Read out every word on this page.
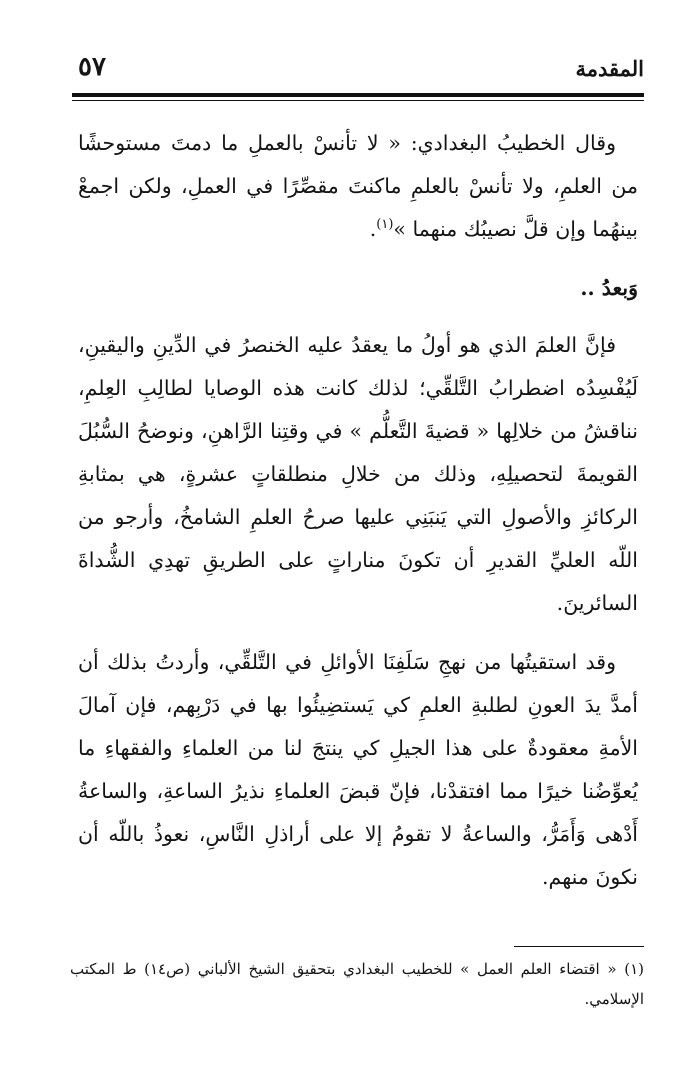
٥٧	المقدمة

وقال الخطيبُ البغدادي: « لا تأنسْ بالعملِ ما دمتَ مستوحشًا من العلمِ، ولا تأنسْ بالعلمِ ماكنتَ مقصِّرًا في العملِ، ولكن اجمعْ بينهُما وإن قلَّ نصيبُك منهما »$^{(١)}$.

وَبعدُ ..

فإنَّ العلمَ الذي هو أولُ ما يعقدُ عليه الخنصرُ في الدِّينِ واليقينِ، لَيُفْسِدُه اضطرابُ التَّلقِّي؛ لذلك كانت هذه الوصايا لطالِبِ العِلمِ، نناقشُ من خلالِها « قضيةَ التَّعلُّم » في وقتِنا الرَّاهنِ، ونوضحُ السُّبُلَ القويمةَ لتحصيلِهِ، وذلك من خلالِ منطلقاتٍ عشرةٍ، هي بمثابةِ الركائزِ والأصولِ التي يَنبَنِي عليها صرحُ العلمِ الشامخُ، وأرجو من اللّه العليِّ القديرِ أن تكونَ مناراتٍ على الطريقِ تهدِي الشُّداةَ السائرينَ.

وقد استقيتُها من نهجِ سَلَفِنَا الأوائلِ في التَّلقِّي، وأردتُ بذلك أن أمدَّ يدَ العونِ لطلبةِ العلمِ كي يَستضِيئُوا بها في دَرْبِهم، فإن آمالَ الأمةِ معقودةٌ على هذا الجيلِ كي ينتجَ لنا من العلماءِ والفقهاءِ ما يُعوِّضُنا خيرًا مما افتقدْنا، فإنّ قبضَ العلماءِ نذيرُ الساعةِ، والساعةُ أَدْهى وَأَمَرُّ، والساعةُ لا تقومُ إلا على أراذلِ النَّاسِ، نعوذُ باللّه أن نكونَ منهم.

(١) « اقتضاء العلم العمل » للخطيب البغدادي بتحقيق الشيخ الألباني (ص١٤) ط المكتب الإسلامي.
